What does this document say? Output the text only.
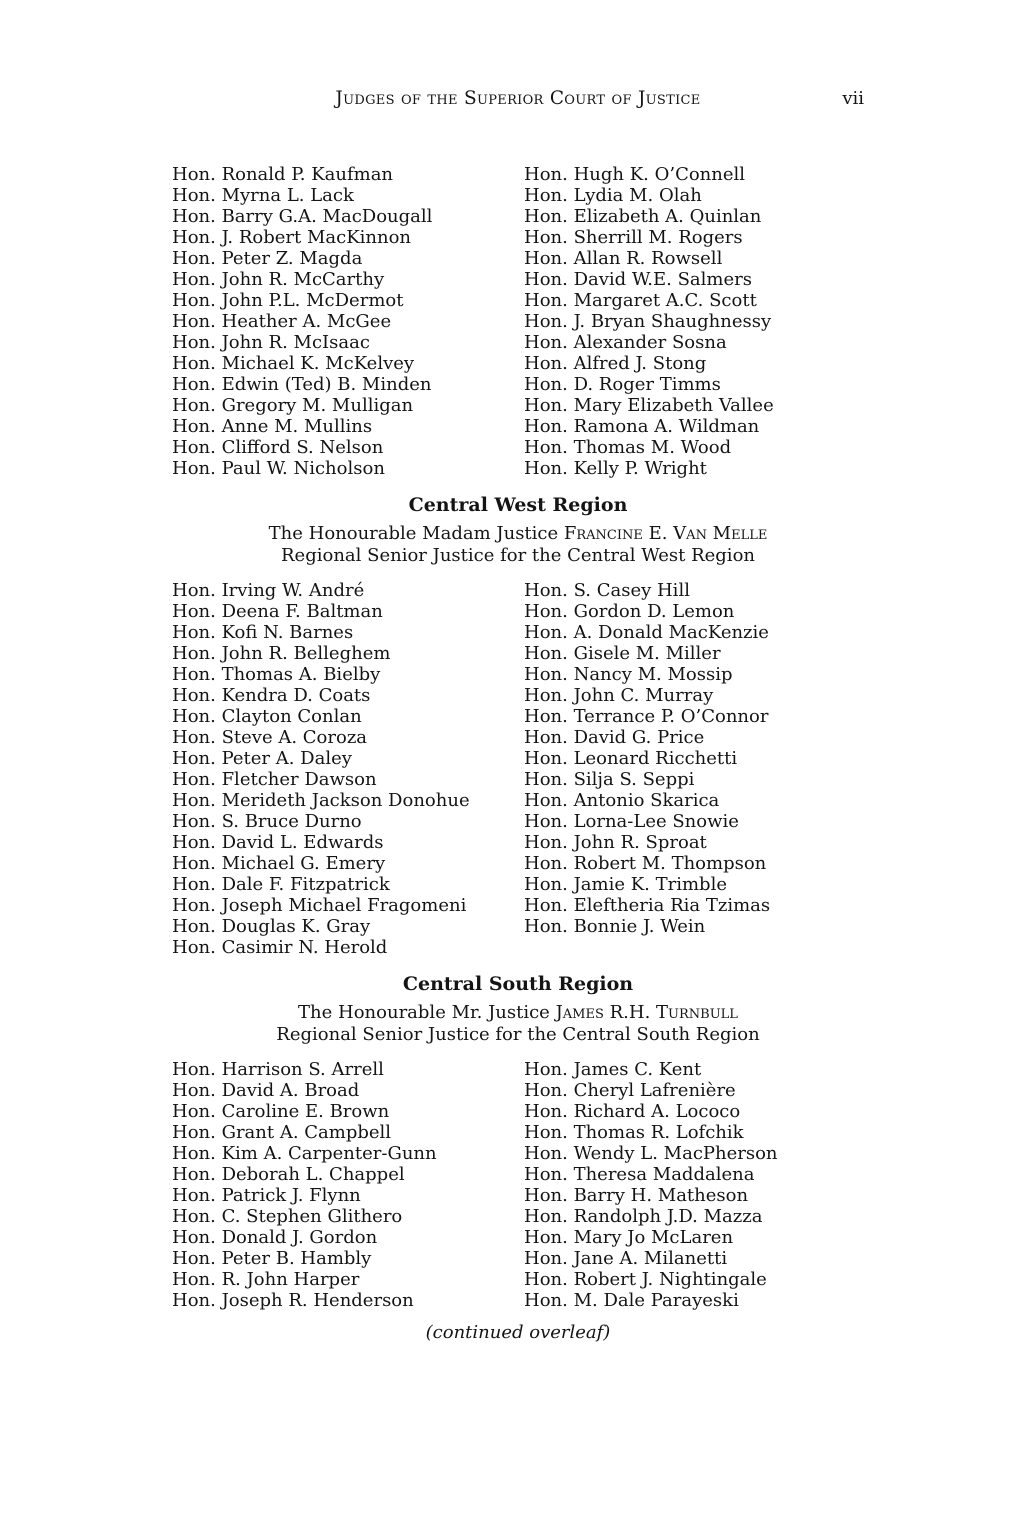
Judges of the Superior Court of Justice	vii
Hon. Ronald P. Kaufman
Hon. Myrna L. Lack
Hon. Barry G.A. MacDougall
Hon. J. Robert MacKinnon
Hon. Peter Z. Magda
Hon. John R. McCarthy
Hon. John P.L. McDermot
Hon. Heather A. McGee
Hon. John R. McIsaac
Hon. Michael K. McKelvey
Hon. Edwin (Ted) B. Minden
Hon. Gregory M. Mulligan
Hon. Anne M. Mullins
Hon. Clifford S. Nelson
Hon. Paul W. Nicholson
Hon. Hugh K. O’Connell
Hon. Lydia M. Olah
Hon. Elizabeth A. Quinlan
Hon. Sherrill M. Rogers
Hon. Allan R. Rowsell
Hon. David W.E. Salmers
Hon. Margaret A.C. Scott
Hon. J. Bryan Shaughnessy
Hon. Alexander Sosna
Hon. Alfred J. Stong
Hon. D. Roger Timms
Hon. Mary Elizabeth Vallee
Hon. Ramona A. Wildman
Hon. Thomas M. Wood
Hon. Kelly P. Wright
Central West Region
The Honourable Madam Justice Francine E. Van Melle
Regional Senior Justice for the Central West Region
Hon. Irving W. André
Hon. Deena F. Baltman
Hon. Kofi N. Barnes
Hon. John R. Belleghem
Hon. Thomas A. Bielby
Hon. Kendra D. Coats
Hon. Clayton Conlan
Hon. Steve A. Coroza
Hon. Peter A. Daley
Hon. Fletcher Dawson
Hon. Merideth Jackson Donohue
Hon. S. Bruce Durno
Hon. David L. Edwards
Hon. Michael G. Emery
Hon. Dale F. Fitzpatrick
Hon. Joseph Michael Fragomeni
Hon. Douglas K. Gray
Hon. Casimir N. Herold
Hon. S. Casey Hill
Hon. Gordon D. Lemon
Hon. A. Donald MacKenzie
Hon. Gisele M. Miller
Hon. Nancy M. Mossip
Hon. John C. Murray
Hon. Terrance P. O’Connor
Hon. David G. Price
Hon. Leonard Ricchetti
Hon. Silja S. Seppi
Hon. Antonio Skarica
Hon. Lorna-Lee Snowie
Hon. John R. Sproat
Hon. Robert M. Thompson
Hon. Jamie K. Trimble
Hon. Eleftheria Ria Tzimas
Hon. Bonnie J. Wein
Central South Region
The Honourable Mr. Justice James R.H. Turnbull
Regional Senior Justice for the Central South Region
Hon. Harrison S. Arrell
Hon. David A. Broad
Hon. Caroline E. Brown
Hon. Grant A. Campbell
Hon. Kim A. Carpenter-Gunn
Hon. Deborah L. Chappel
Hon. Patrick J. Flynn
Hon. C. Stephen Glithero
Hon. Donald J. Gordon
Hon. Peter B. Hambly
Hon. R. John Harper
Hon. Joseph R. Henderson
Hon. James C. Kent
Hon. Cheryl Lafrenière
Hon. Richard A. Lococo
Hon. Thomas R. Lofchik
Hon. Wendy L. MacPherson
Hon. Theresa Maddalena
Hon. Barry H. Matheson
Hon. Randolph J.D. Mazza
Hon. Mary Jo McLaren
Hon. Jane A. Milanetti
Hon. Robert J. Nightingale
Hon. M. Dale Parayeski
(continued overleaf)
